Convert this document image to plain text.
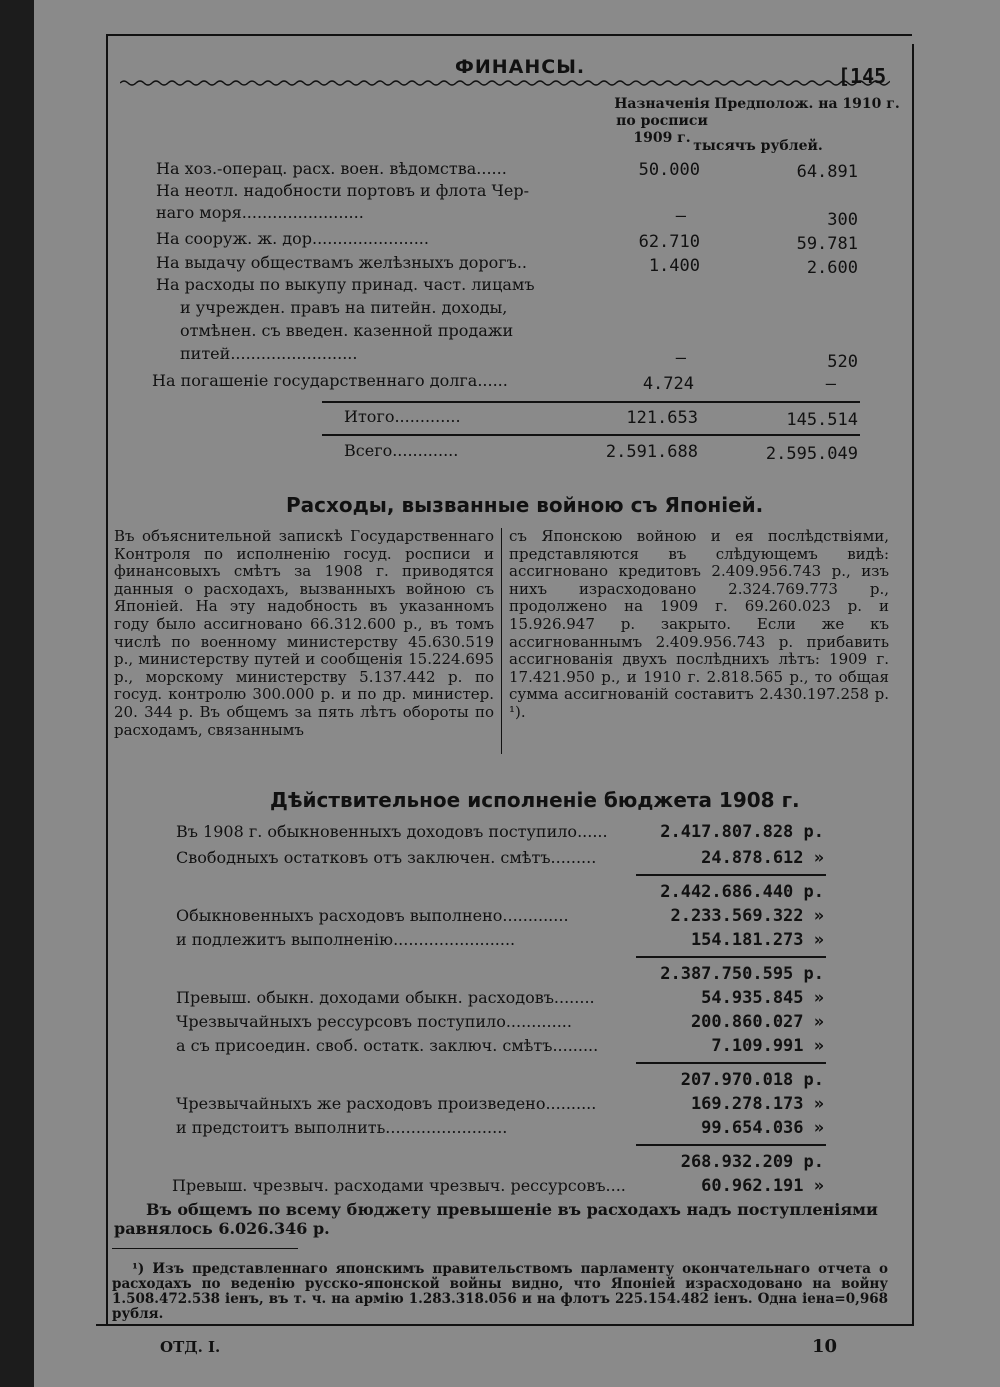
ФИНАНСЫ.	[145
Назначенія по росписи 1909 г.
Предполож. на 1910 г.
тысячъ рублей.
На хоз.-операц. расх. воен. вѣдомства......	50.000	64.891
На неотл. надобности портовъ и флота Чер-
наго моря........................	—	300
На сооруж. ж. дор.......................	62.710	59.781
На выдачу обществамъ желѣзныхъ дорогъ..	1.400	2.600
На расходы по выкупу принад. част. лицамъ
и учрежден. правъ на питейн. доходы,
отмѣнен. съ введен. казенной продажи
питей.........................	—	520
На погашеніе государственнаго долга......	4.724	—
Итого.............	121.653	145.514
Всего.............	2.591.688	2.595.049
Расходы, вызванные войною съ Японіей.
Въ объяснительной запискѣ Государственнаго Контроля по исполненію госуд. росписи и финансовыхъ смѣтъ за 1908 г. приводятся данныя о расходахъ, вызванныхъ войною съ Японіей. На эту надобность въ указанномъ году было ассигновано 66.312.600 р., въ томъ числѣ по военному министерству 45.630.519 р., министерству путей и сообщенія 15.224.695 р., морскому министерству 5.137.442 р. по госуд. контролю 300.000 р. и по др. министер. 20. 344 р. Въ общемъ за пять лѣтъ обороты по расходамъ, связаннымъ
съ Японскою войною и ея послѣдствіями, представляются въ слѣдующемъ видѣ: ассигновано кредитовъ 2.409.956.743 р., изъ нихъ израсходовано 2.324.769.773 р., продолжено на 1909 г. 69.260.023 р. и 15.926.947 р. закрыто. Если же къ ассигнованнымъ 2.409.956.743 р. прибавить ассигнованія двухъ послѣднихъ лѣтъ: 1909 г. 17.421.950 р., и 1910 г. 2.818.565 р., то общая сумма ассигнованій составитъ 2.430.197.258 р. ¹).
Дѣйствительное исполненіе бюджета 1908 г.
Въ 1908 г. обыкновенныхъ доходовъ поступило......	2.417.807.828 р.
Свободныхъ остатковъ отъ заключен. смѣтъ.........	24.878.612 »
2.442.686.440 р.
Обыкновенныхъ расходовъ выполнено.............	2.233.569.322 »
и подлежитъ выполненію........................	154.181.273 »
2.387.750.595 р.
Превыш. обыкн. доходами обыкн. расходовъ........	54.935.845 »
Чрезвычайныхъ рессурсовъ поступило.............	200.860.027 »
а съ присоедин. своб. остатк. заключ. смѣтъ.........	7.109.991 »
207.970.018 р.
Чрезвычайныхъ же расходовъ произведено..........	169.278.173 »
и предстоитъ выполнить........................	99.654.036 »
268.932.209 р.
Превыш. чрезвыч. расходами чрезвыч. рессурсовъ....	60.962.191 »
Въ общемъ по всему бюджету превышеніе въ расходахъ надъ поступленіями равнялось 6.026.346 р.
¹) Изъ представленнаго японскимъ правительствомъ парламенту окончательнаго отчета о расходахъ по веденію русско-японской войны видно, что Японіей израсходовано на войну 1.508.472.538 іенъ, въ т. ч. на армію 1.283.318.056 и на флотъ 225.154.482 іенъ. Одна іена=0,968 рубля.
ОТД. I.	10
